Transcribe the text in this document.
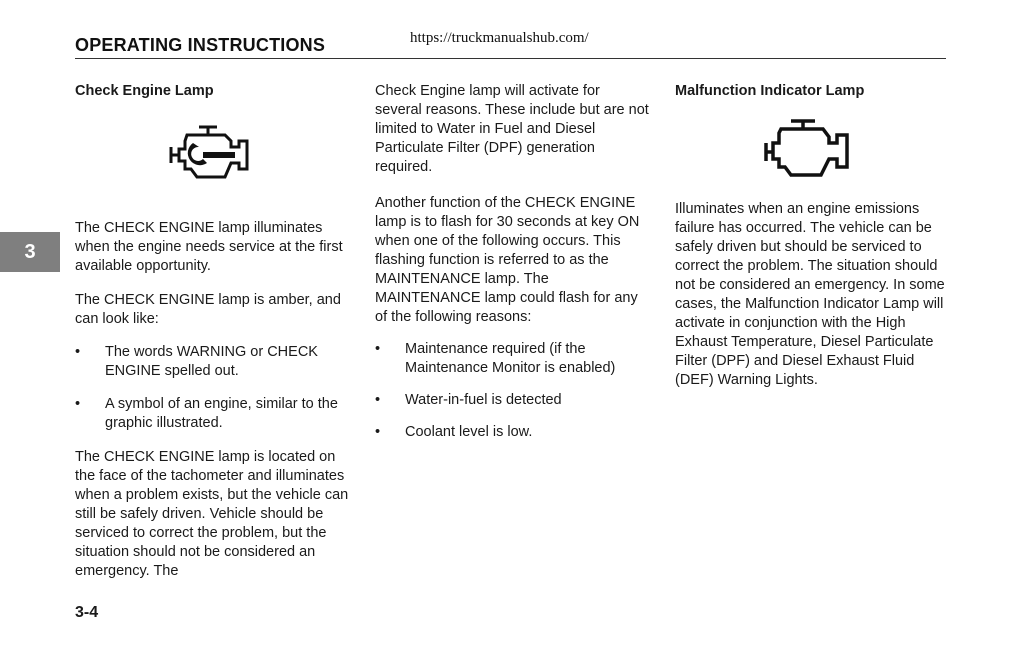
OPERATING INSTRUCTIONS	https://truckmanualshub.com/
3

Check Engine Lamp

The CHECK ENGINE lamp illuminates when the engine needs service at the first available opportunity.

The CHECK ENGINE lamp is amber, and can look like:

• The words WARNING or CHECK ENGINE spelled out.
• A symbol of an engine, similar to the graphic illustrated.

The CHECK ENGINE lamp is located on the face of the tachometer and illuminates when a problem exists, but the vehicle can still be safely driven. Vehicle should be serviced to correct the problem, but the situation should not be considered an emergency. The

Check Engine lamp will activate for several reasons. These include but are not limited to Water in Fuel and Diesel Particulate Filter (DPF) generation required.

Another function of the CHECK ENGINE lamp is to flash for 30 seconds at key ON when one of the following occurs. This flashing function is referred to as the MAINTENANCE lamp. The MAINTENANCE lamp could flash for any of the following reasons:

• Maintenance required (if the Maintenance Monitor is enabled)
• Water-in-fuel is detected
• Coolant level is low.

Malfunction Indicator Lamp

Illuminates when an engine emissions failure has occurred. The vehicle can be safely driven but should be serviced to correct the problem. The situation should not be considered an emergency. In some cases, the Malfunction Indicator Lamp will activate in conjunction with the High Exhaust Temperature, Diesel Particulate Filter (DPF) and Diesel Exhaust Fluid (DEF) Warning Lights.

3-4
